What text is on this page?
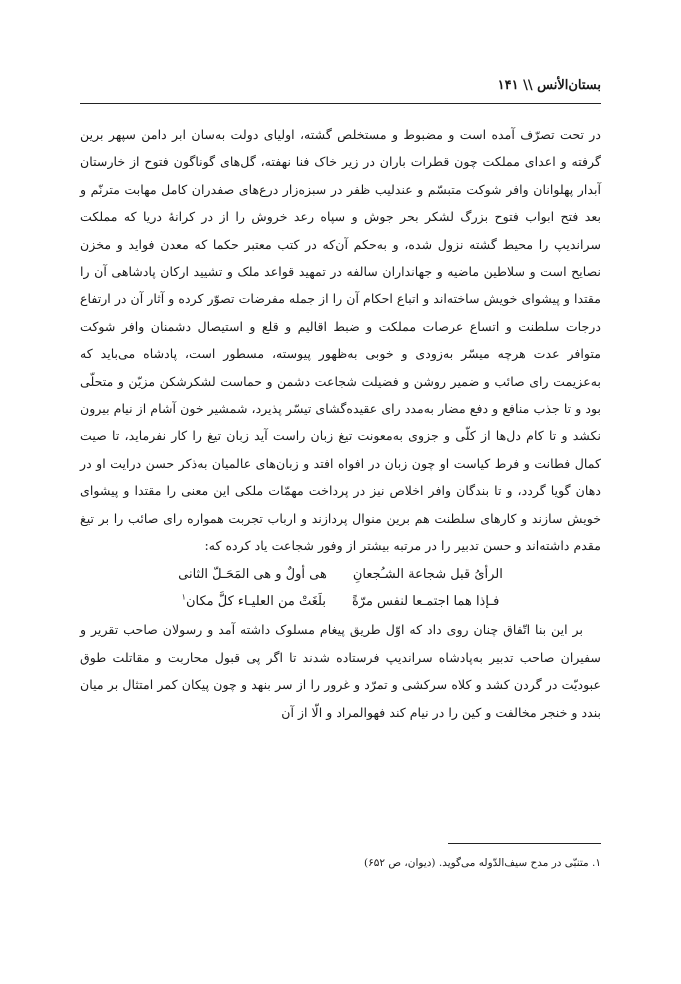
بستان‌الأنس \\ ۱۴۱

در تحت تصرّف آمده است و مضبوط و مستخلص گشته، اولیای دولت به‌سان ابر دامن سپهر برین گرفته و اعدای مملکت چون قطرات باران در زیر خاک فنا نهفته، گل‌های گوناگون فتوح از خارستان آبدار پهلوانان وافر شوکت متبسّم و عندلیب ظفر در سبزه‌زار درع‌های صفدران کامل مهابت مترنّم و بعد فتح ابواب فتوح بزرگ لشکر بحر جوش و سپاه رعد خروش را از در کرانهٔ دریا که مملکت سراندیپ را محیط گشته نزول شده، و به‌حکم آن‌که در کتب معتبر حکما که معدن فواید و مخزن نصایح است و سلاطین ماضیه و جهانداران سالفه در تمهید قواعد ملک و تشیید ارکان پادشاهی آن را مقتدا و پیشوای خویش ساخته‌اند و اتباع احکام آن را از جمله مفرضات تصوّر کرده و آثار آن در ارتفاع درجات سلطنت و اتساع عرصات مملکت و ضبط اقالیم و قلع و استیصال دشمنان وافر شوکت متوافر عدت هرچه میسّر به‌زودی و خوبی به‌ظهور پیوسته، مسطور است، پادشاه می‌باید که به‌عزیمت رای صائب و ضمیر روشن و فضیلت شجاعت دشمن و حماست لشکرشکن مزیّن و متحلّی بود و تا جذب منافع و دفع مضار به‌مدد رای عقیده‌گشای تیسّر پذیرد، شمشیر خون آشام از نیام بیرون نکشد و تا کام دل‌ها از کلّی و جزوی به‌معونت تیغ زبان راست آید زبان تیغ را کار نفرماید، تا صیت کمال فطانت و فرط کیاست او چون زبان در افواه افتد و زبان‌های عالمیان به‌ذکر حسن درایت او در دهان گویا گردد، و تا بندگان وافر اخلاص نیز در پرداخت مهمّات ملکی این معنی را مقتدا و پیشوای خویش سازند و کارهای سلطنت هم برین منوال پردازند و ارباب تجربت همواره رای صائب را بر تیغ مقدم داشته‌اند و حسن تدبیر را در مرتبه بیشتر از وفور شجاعت یاد کرده که:

الرأیُ قبل شجاعة الشـُجعانِ
هی أولٌ و هی المَحَـلّ الثانی
فـإذا هما اجتمـعا لنفس مرّةً
بلَغَتْ من العلیـاء کلَّ مکان$^۱$

بر این بنا اتّفاق چنان روی داد که اوّل طریق پیغام مسلوک داشته آمد و رسولان صاحب تقریر و سفیران صاحب تدبیر به‌پادشاه سراندیپ فرستاده شدند تا اگر پی قبول محاربت و مقاتلت طوق عبودیّت در گردن کشد و کلاه سرکشی و تمرّد و غرور را از سر بنهد و چون پیکان کمر امتثال بر میان بندد و خنجر مخالفت و کین را در نیام کند فهوالمراد و الّا از آن

۱. متنبّی در مدح سیف‌الدّوله می‌گوید. (دیوان، ص ۶۵۲)
